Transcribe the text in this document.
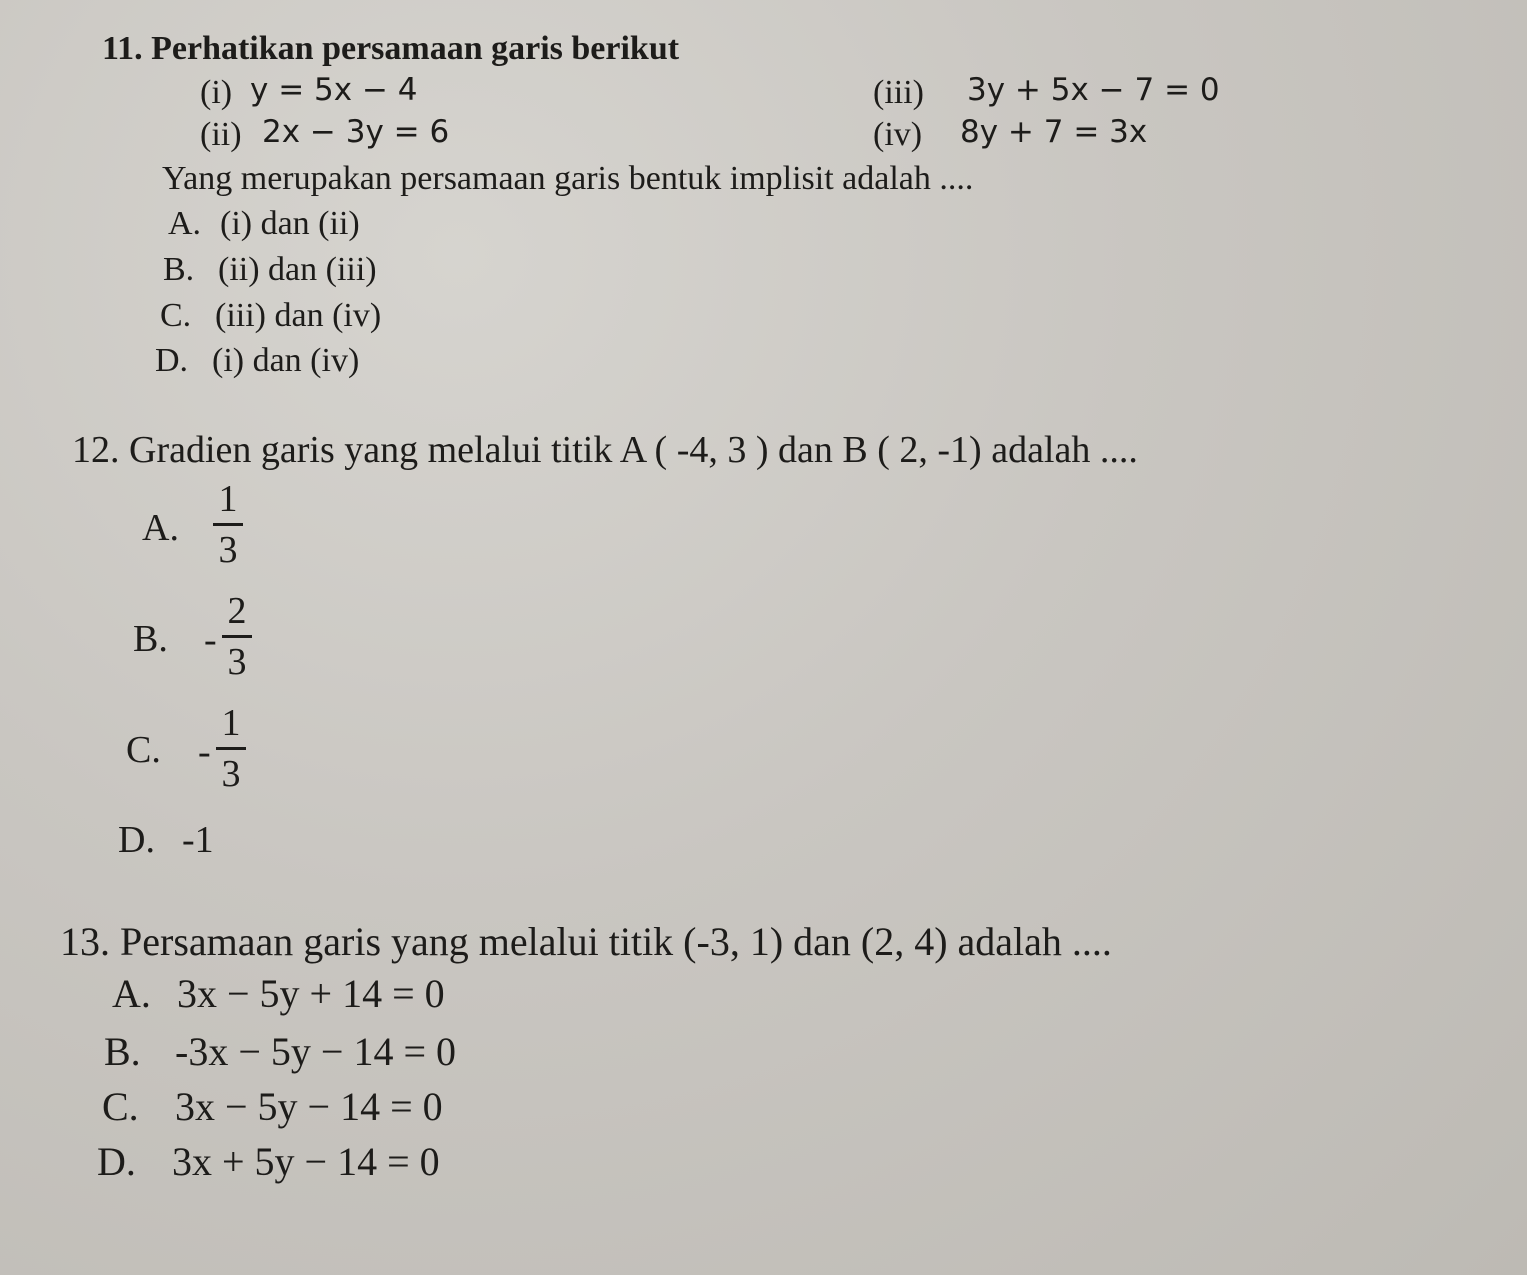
11. Perhatikan persamaan garis berikut
(i) y = 5x − 4
(ii) 2x − 3y = 6
(iii) 3y + 5x − 7 = 0
(iv) 8y + 7 = 3x
Yang merupakan persamaan garis bentuk implisit adalah ....
A. (i) dan (ii)
B. (ii) dan (iii)
C. (iii) dan (iv)
D. (i) dan (iv)
12. Gradien garis yang melalui titik A ( -4, 3 ) dan B ( 2, -1) adalah ....
A.
1
3
B. -
2
3
C. -
1
3
D. -1
13. Persamaan garis yang melalui titik (-3, 1) dan (2, 4) adalah ....
A. 3x − 5y + 14 = 0
B. -3x − 5y − 14 = 0
C. 3x − 5y − 14 = 0
D. 3x + 5y − 14 = 0
